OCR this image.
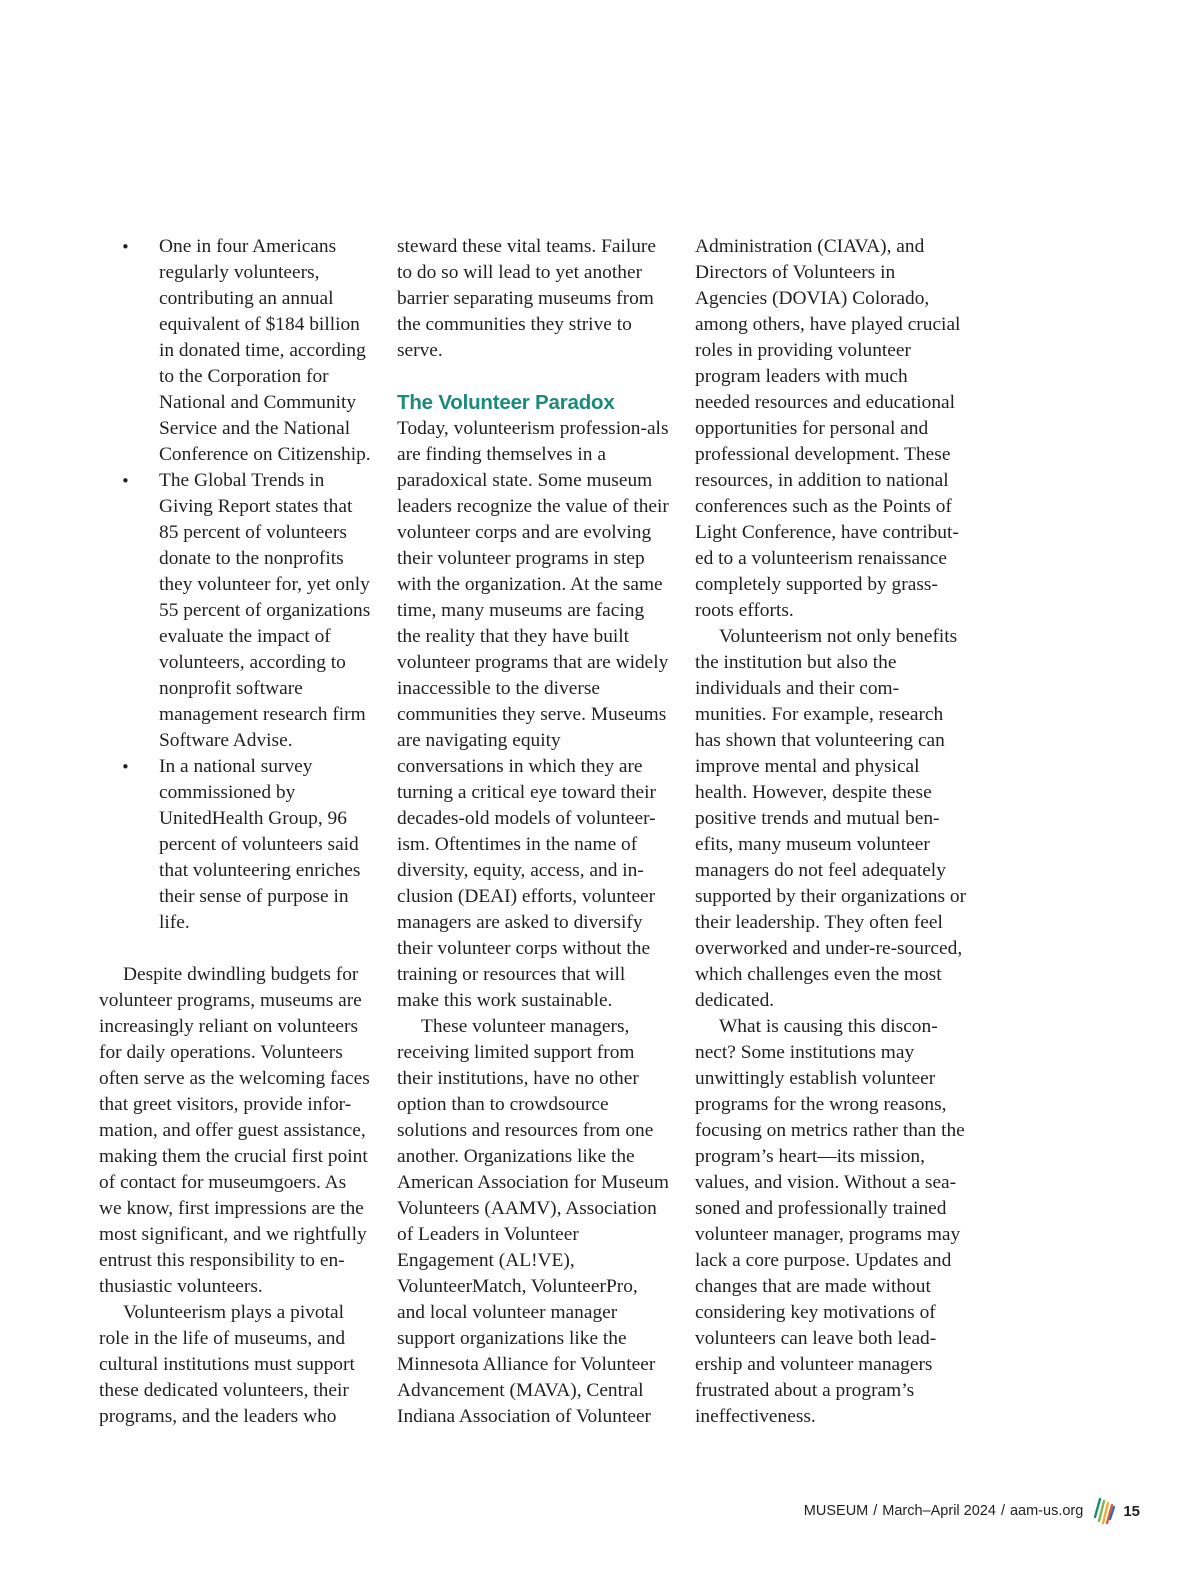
• One in four Americans regularly volunteers, contributing an annual equivalent of $184 billion in donated time, according to the Corporation for National and Community Service and the National Conference on Citizenship.
• The Global Trends in Giving Report states that 85 percent of volunteers donate to the nonprofits they volunteer for, yet only 55 percent of organizations evaluate the impact of volunteers, according to nonprofit software management research firm Software Advise.
• In a national survey commissioned by UnitedHealth Group, 96 percent of volunteers said that volunteering enriches their sense of purpose in life.

Despite dwindling budgets for volunteer programs, museums are increasingly reliant on volunteers for daily operations. Volunteers often serve as the welcoming faces that greet visitors, provide infor-mation, and offer guest assistance, making them the crucial first point of contact for museumgoers. As we know, first impressions are the most significant, and we rightfully entrust this responsibility to en-thusiastic volunteers.

Volunteerism plays a pivotal role in the life of museums, and cultural institutions must support these dedicated volunteers, their programs, and the leaders who

steward these vital teams. Failure to do so will lead to yet another barrier separating museums from the communities they strive to serve.

The Volunteer Paradox

Today, volunteerism profession-als are finding themselves in a paradoxical state. Some museum leaders recognize the value of their volunteer corps and are evolving their volunteer programs in step with the organization. At the same time, many museums are facing the reality that they have built volunteer programs that are widely inaccessible to the diverse communities they serve. Museums are navigating equity conversations in which they are turning a critical eye toward their decades-old models of volunteer-ism. Oftentimes in the name of diversity, equity, access, and in-clusion (DEAI) efforts, volunteer managers are asked to diversify their volunteer corps without the training or resources that will make this work sustainable.

These volunteer managers, receiving limited support from their institutions, have no other option than to crowdsource solutions and resources from one another. Organizations like the American Association for Museum Volunteers (AAMV), Association of Leaders in Volunteer Engagement (AL!VE), VolunteerMatch, VolunteerPro, and local volunteer manager support organizations like the Minnesota Alliance for Volunteer Advancement (MAVA), Central Indiana Association of Volunteer

Administration (CIAVA), and Directors of Volunteers in Agencies (DOVIA) Colorado, among others, have played crucial roles in providing volunteer program leaders with much needed resources and educational opportunities for personal and professional development. These resources, in addition to national conferences such as the Points of Light Conference, have contribut-ed to a volunteerism renaissance completely supported by grass-roots efforts.

Volunteerism not only benefits the institution but also the individuals and their com-munities. For example, research has shown that volunteering can improve mental and physical health. However, despite these positive trends and mutual ben-efits, many museum volunteer managers do not feel adequately supported by their organizations or their leadership. They often feel overworked and under-re-sourced, which challenges even the most dedicated.

What is causing this discon-nect? Some institutions may unwittingly establish volunteer programs for the wrong reasons, focusing on metrics rather than the program’s heart—its mission, values, and vision. Without a sea-soned and professionally trained volunteer manager, programs may lack a core purpose. Updates and changes that are made without considering key motivations of volunteers can leave both lead-ership and volunteer managers frustrated about a program’s ineffectiveness.

MUSEUM / March–April 2024 / aam-us.org	15
